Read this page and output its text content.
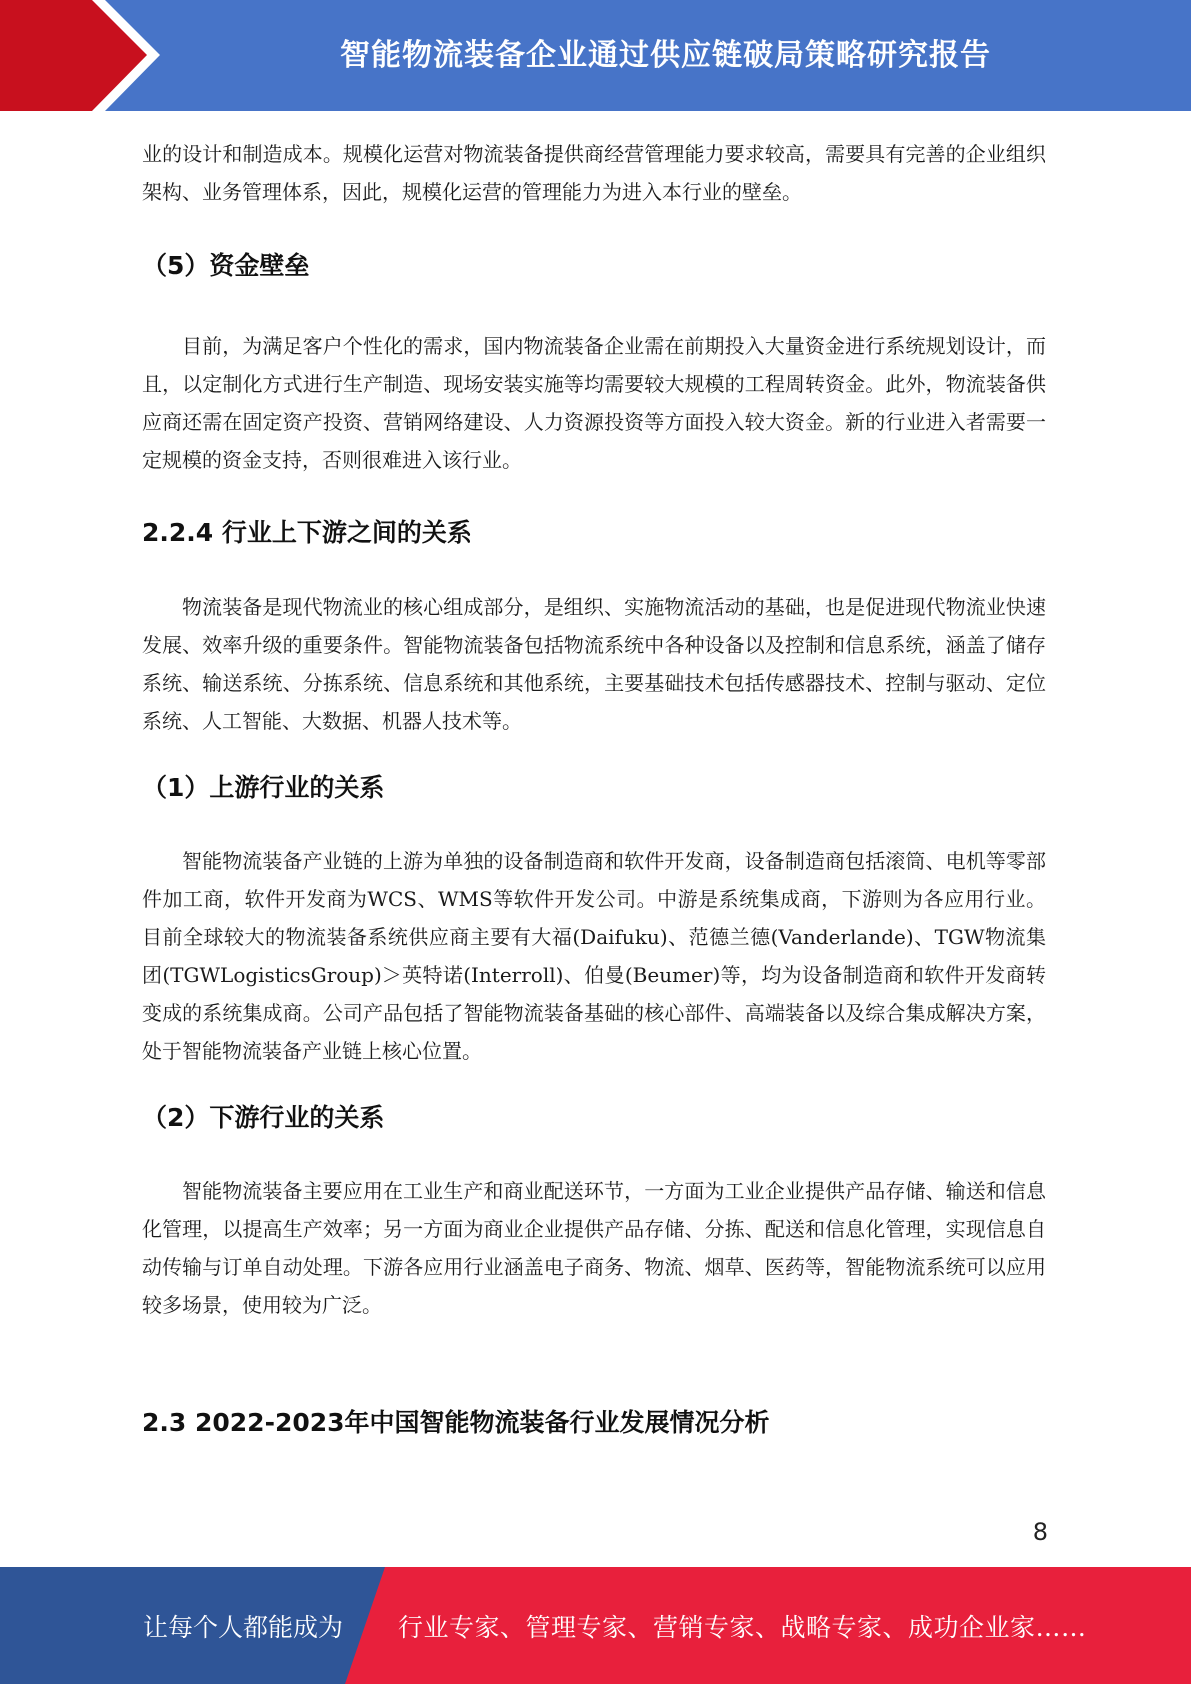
智能物流装备企业通过供应链破局策略研究报告

业的设计和制造成本。规模化运营对物流装备提供商经营管理能力要求较高，需要具有完善的企业组织架构、业务管理体系，因此，规模化运营的管理能力为进入本行业的壁垒。

（5）资金壁垒

目前，为满足客户个性化的需求，国内物流装备企业需在前期投入大量资金进行系统规划设计，而且，以定制化方式进行生产制造、现场安装实施等均需要较大规模的工程周转资金。此外，物流装备供应商还需在固定资产投资、营销网络建设、人力资源投资等方面投入较大资金。新的行业进入者需要一定规模的资金支持，否则很难进入该行业。

2.2.4 行业上下游之间的关系

物流装备是现代物流业的核心组成部分，是组织、实施物流活动的基础，也是促进现代物流业快速发展、效率升级的重要条件。智能物流装备包括物流系统中各种设备以及控制和信息系统，涵盖了储存系统、输送系统、分拣系统、信息系统和其他系统，主要基础技术包括传感器技术、控制与驱动、定位系统、人工智能、大数据、机器人技术等。

（1）上游行业的关系

智能物流装备产业链的上游为单独的设备制造商和软件开发商，设备制造商包括滚筒、电机等零部件加工商，软件开发商为WCS、WMS等软件开发公司。中游是系统集成商，下游则为各应用行业。目前全球较大的物流装备系统供应商主要有大福(Daifuku)、范德兰德(Vanderlande)、TGW物流集团(TGWLogisticsGroup)＞英特诺(Interroll)、伯曼(Beumer)等，均为设备制造商和软件开发商转变成的系统集成商。公司产品包括了智能物流装备基础的核心部件、高端装备以及综合集成解决方案，处于智能物流装备产业链上核心位置。

（2）下游行业的关系

智能物流装备主要应用在工业生产和商业配送环节，一方面为工业企业提供产品存储、输送和信息化管理，以提高生产效率；另一方面为商业企业提供产品存储、分拣、配送和信息化管理，实现信息自动传输与订单自动处理。下游各应用行业涵盖电子商务、物流、烟草、医药等，智能物流系统可以应用较多场景，使用较为广泛。

2.3 2022-2023年中国智能物流装备行业发展情况分析
8
让每个人都能成为 行业专家、管理专家、营销专家、战略专家、成功企业家……
